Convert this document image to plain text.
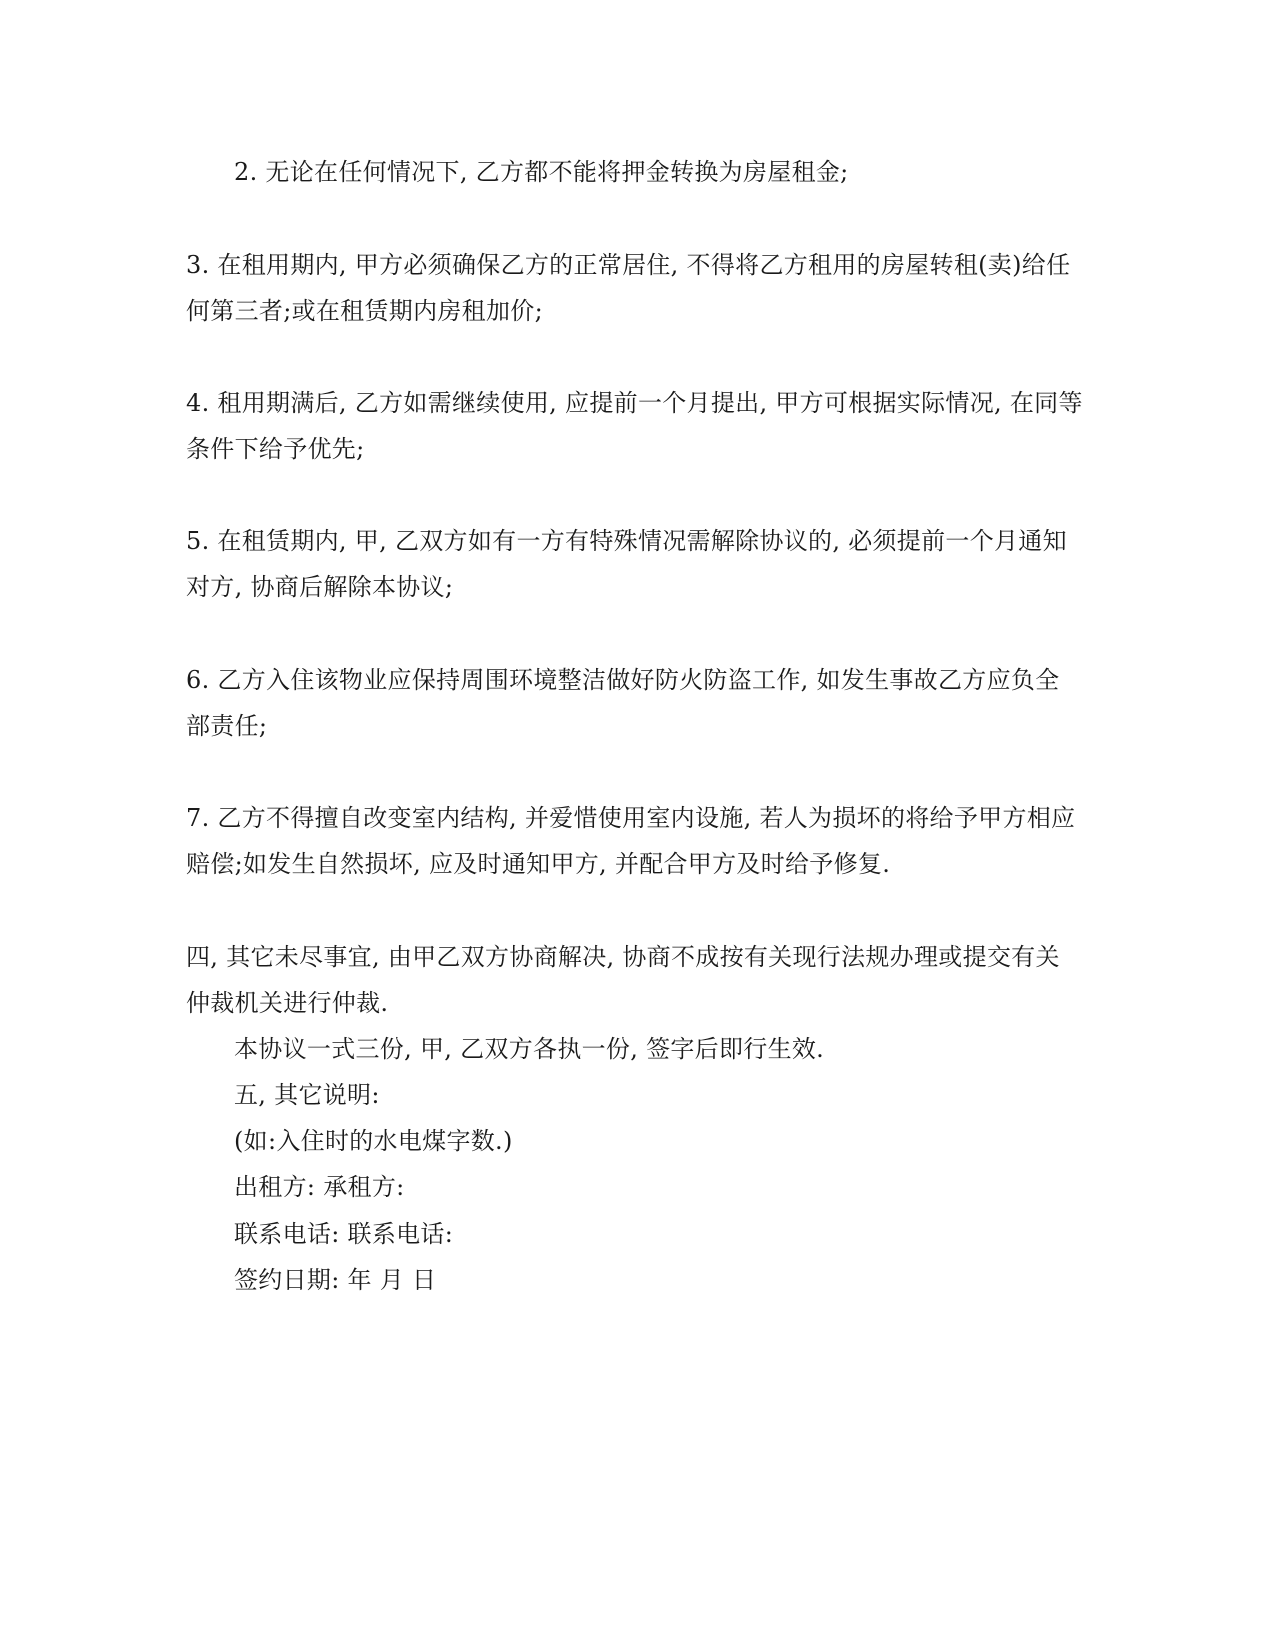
2. 无论在任何情况下, 乙方都不能将押金转换为房屋租金;
3. 在租用期内, 甲方必须确保乙方的正常居住, 不得将乙方租用的房屋转租(卖)给任
何第三者;或在租赁期内房租加价;
4. 租用期满后, 乙方如需继续使用, 应提前一个月提出, 甲方可根据实际情况, 在同等
条件下给予优先;
5. 在租赁期内, 甲, 乙双方如有一方有特殊情况需解除协议的, 必须提前一个月通知
对方, 协商后解除本协议;
6. 乙方入住该物业应保持周围环境整洁做好防火防盗工作, 如发生事故乙方应负全
部责任;
7. 乙方不得擅自改变室内结构, 并爱惜使用室内设施, 若人为损坏的将给予甲方相应
赔偿;如发生自然损坏, 应及时通知甲方, 并配合甲方及时给予修复.
四, 其它未尽事宜, 由甲乙双方协商解决, 协商不成按有关现行法规办理或提交有关
仲裁机关进行仲裁.
本协议一式三份, 甲, 乙双方各执一份, 签字后即行生效.
五, 其它说明:
(如:入住时的水电煤字数.)
出租方: 承租方:
联系电话: 联系电话:
签约日期: 年 月 日
